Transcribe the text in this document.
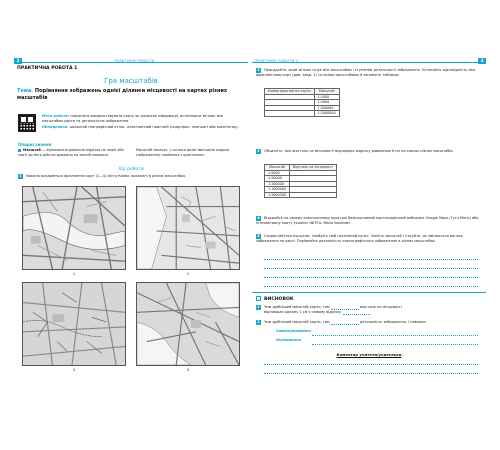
2	ПРАКТИЧНІ РОБОТИ
ПРАКТИЧНА РОБОТА 1
Гра масштабів
Тема. Порівняння зображень однієї ділянки місцевості на картах різних масштабів
Мета роботи: навчитися використовувати карту як джерело інформації, встановити зв'язок між масштабом карти та детальністю зображення.
Обладнання: шкільний географічний атлас, електронний пристрій (смартфон, планшет або комп'ютер).
Опорні знання
Масштаб — відношення довжини відрізка на плані або карті до його дійсної довжини на земній поверхні.
Масштаб показує, у скільки разів зменшено модель (зображення) порівняно з оригіналом.
Хід роботи
1 Уважно роздивіться фрагменти карт (1—4) міста Києва, виконані в різних масштабах.
1	2
3	4
ПРАКТИЧНІ РОБОТИ 1	3
2 Пригадайте, який зв'язок існує між масштабом і ступенем детальності зображення. Установіть відповідність між фрагментами карт (див. завд. 1) та їхніми масштабами й заповніть таблицю.
Номер фрагмента карти	Масштаб
	1:1000
	1:5000
	1:500000
	1:2000000
3 Обчисліть, яка відстань на місцевості відповідає відрізку довжиною 6 см на картах різних масштабів.
Масштаб	Відстань на місцевості
1:5000	
1:50000	
1:200000	
1:1000000	
1:5000000	
4 Відкрийте на своєму електронному пристрої безкоштовний картографічний вебсервіс Google Maps (Гугл Мепс) або інтерактивну карту України «ВІЗТА. Мапа України».
5 Скористайтеся пошуком, знайдіть свій населений пункт. Змініть масштаб і з'ясуйте, як змінюється вигляд зображення на карті. Порівняйте детальність картографічного зображення в різних масштабах.
✓ ВИСНОВОК
1 Чим дрібніший масштаб карти, тим	відстань на місцевості
відповідає одному 1 см у самому відрізку.
2 Чим дрібніший масштаб карти, тим	детальність зображення, і навпаки.
Самооцінювання
Оцінювання
Коментар учителя/учительки
